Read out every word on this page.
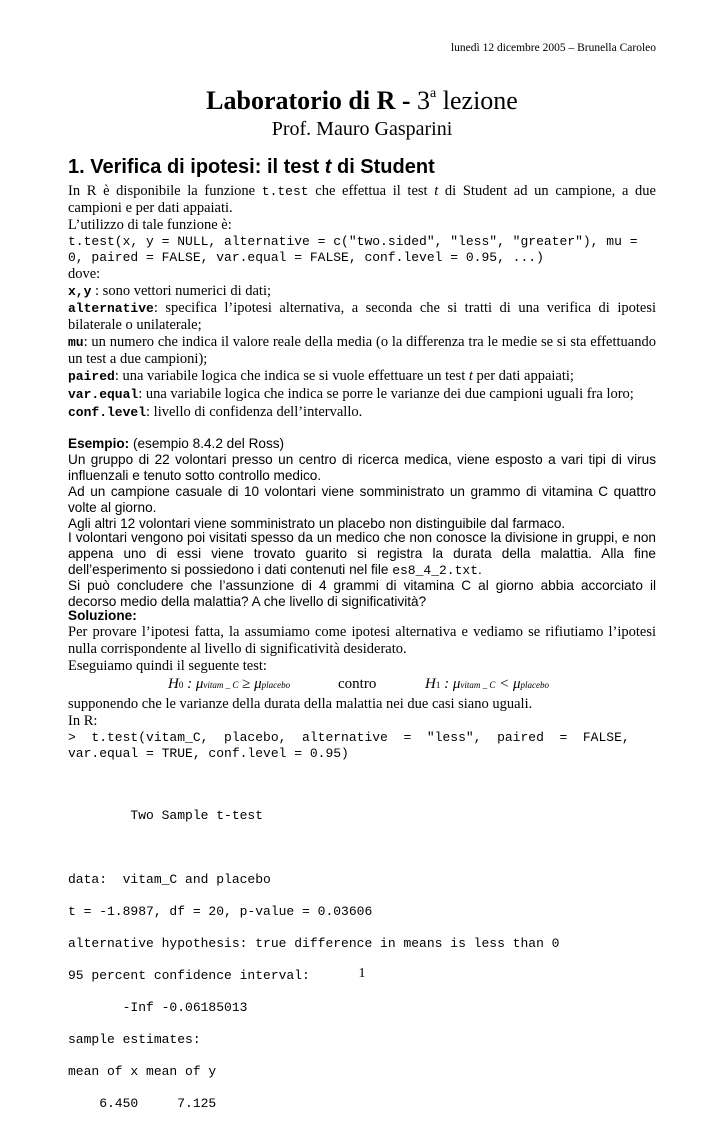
lunedì 12 dicembre 2005 – Brunella Caroleo
Laboratorio di R - 3$^a$ lezione
Prof. Mauro Gasparini
1. Verifica di ipotesi: il test t di Student
In R è disponibile la funzione t.test che effettua il test t di Student ad un campione, a due campioni e per dati appaiati.
L’utilizzo di tale funzione è:
t.test(x, y = NULL, alternative = c("two.sided", "less", "greater"), mu =
0, paired = FALSE, var.equal = FALSE, conf.level = 0.95, ...)
dove:
x,y : sono vettori numerici di dati;
alternative: specifica l’ipotesi alternativa, a seconda che si tratti di una verifica di ipotesi bilaterale o unilaterale;
mu: un numero che indica il valore reale della media (o la differenza tra le medie se si sta effettuando un test a due campioni);
paired: una variabile logica che indica se si vuole effettuare un test t per dati appaiati;
var.equal: una variabile logica che indica se porre le varianze dei due campioni uguali fra loro;
conf.level: livello di confidenza dell’intervallo.
Esempio: (esempio 8.4.2 del Ross)
Un gruppo di 22 volontari presso un centro di ricerca medica, viene esposto a vari tipi di virus influenzali e tenuto sotto controllo medico.
Ad un campione casuale di 10 volontari viene somministrato un grammo di vitamina C quattro volte al giorno.
Agli altri 12 volontari viene somministrato un placebo non distinguibile dal farmaco.
I volontari vengono poi visitati spesso da un medico che non conosce la divisione in gruppi, e non appena uno di essi viene trovato guarito si registra la durata della malattia. Alla fine dell’esperimento si possiedono i dati contenuti nel file es8_4_2.txt.
Si può concludere che l’assunzione di 4 grammi di vitamina C al giorno abbia accorciato il decorso medio della malattia? A che livello di significatività?
Soluzione:
Per provare l’ipotesi fatta, la assumiamo come ipotesi alternativa e vediamo se rifiutiamo l’ipotesi nulla corrispondente al livello di significatività desiderato.
Eseguiamo quindi il seguente test:
H0 : μvitam _ C ≥ μplacebo	contro	H1 : μvitam _ C < μplacebo
supponendo che le varianze della durata della malattia nei due casi siano uguali.
In R:
>  t.test(vitam_C,  placebo,  alternative  =  "less",  paired  =  FALSE,
var.equal = TRUE, conf.level = 0.95)

Two Sample t-test

data:  vitam_C and placebo

t = -1.8987, df = 20, p-value = 0.03606

alternative hypothesis: true difference in means is less than 0

95 percent confidence interval:

-Inf -0.06185013

sample estimates:

mean of x mean of y

6.450     7.125

1
